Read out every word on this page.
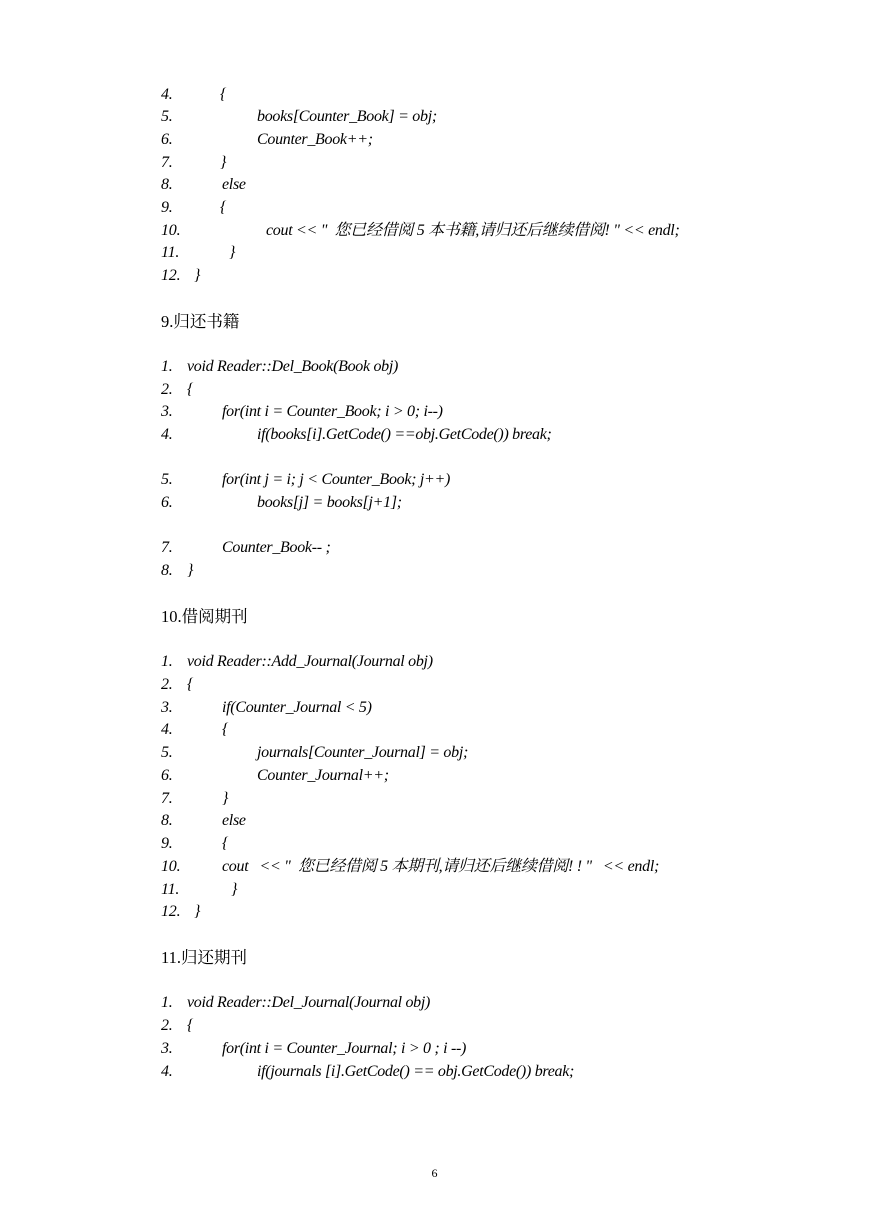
4.

	{

5.

	books[Counter_Book] = obj;

6.

	Counter_Book++;

7.

	}

8.

	else

9.

	{

10.

	cout << "  您已经借阅 5 本书籍,请归还后继续借阅! " << endl;

11.

	}

12.

}

9.归还书籍

1.

void Reader::Del_Book(Book obj)

2.

{

3.

	for(int i = Counter_Book; i > 0; i--)

4.

	if(books[i].GetCode() ==obj.GetCode()) break;

5.

	for(int j = i; j < Counter_Book; j++)

6.

	books[j] = books[j+1];

7.

	Counter_Book-- ;

8.

}

10.借阅期刊

1.

void Reader::Add_Journal(Journal obj)

2.

{

3.

	if(Counter_Journal < 5)

4.

	{

5.

	journals[Counter_Journal] = obj;

6.

	Counter_Journal++;

7.

	}

8.

	else

9.

	{

10.

	cout   << "  您已经借阅 5 本期刊,请归还后继续借阅! ! "   << endl;

11.

	}

12.

}

11.归还期刊

1.

void Reader::Del_Journal(Journal obj)

2.

{

3.

	for(int i = Counter_Journal; i > 0 ; i --)

4.

	if(journals [i].GetCode() == obj.GetCode()) break;

6
